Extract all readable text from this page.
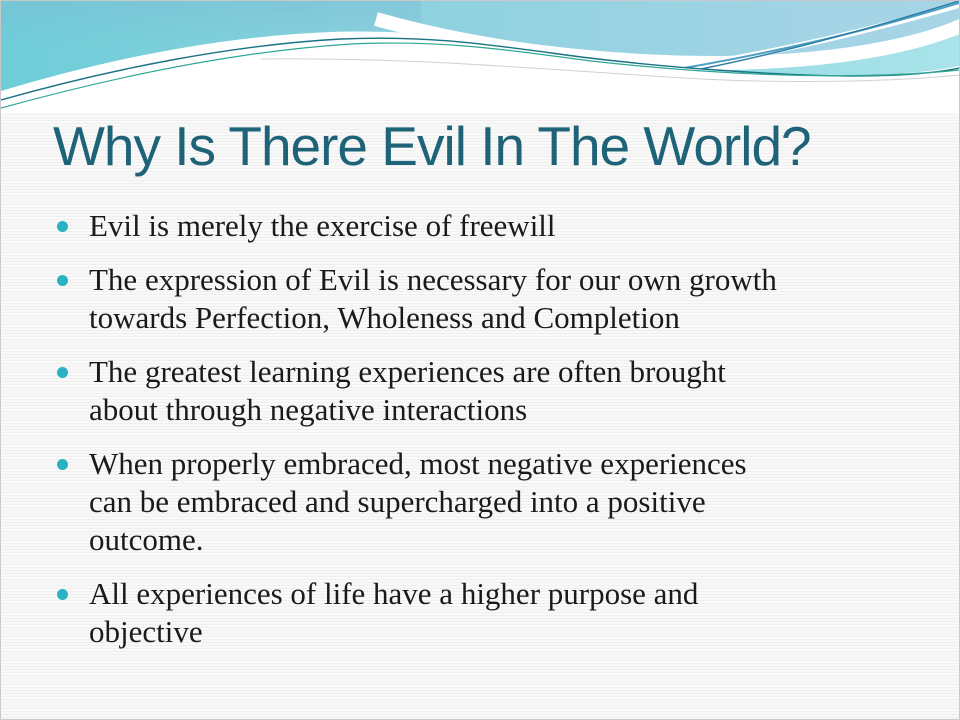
Why Is There Evil In The World?
Evil is merely the exercise of freewill
The expression of Evil is necessary for our own growth
towards Perfection, Wholeness and Completion
The greatest learning experiences are often brought
about through negative interactions
When properly embraced, most negative experiences
can be embraced and supercharged into a positive
outcome.
All experiences of life have a higher purpose and
objective
